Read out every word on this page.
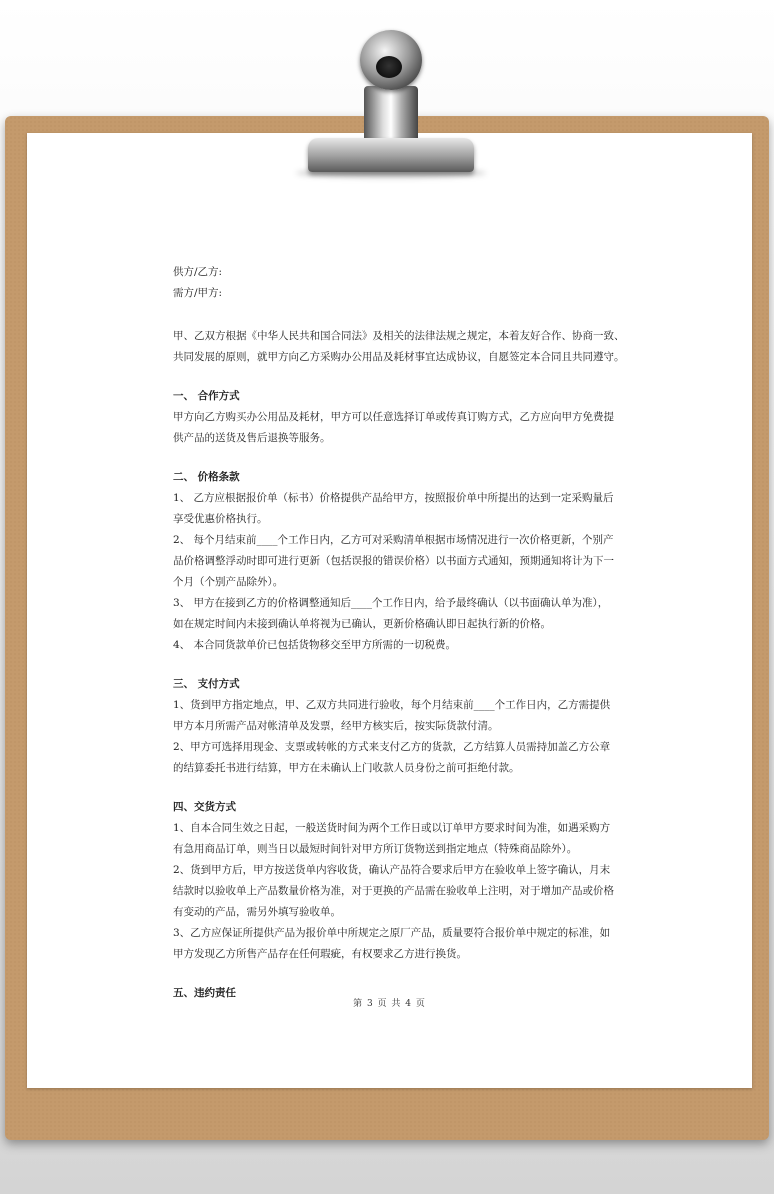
供方/乙方:
需方/甲方:
甲、乙双方根据《中华人民共和国合同法》及相关的法律法规之规定，本着友好合作、协商一致、
共同发展的原则，就甲方向乙方采购办公用品及耗材事宜达成协议，自愿签定本合同且共同遵守。
一、 合作方式
甲方向乙方购买办公用品及耗材，甲方可以任意选择订单或传真订购方式，乙方应向甲方免费提
供产品的送货及售后退换等服务。
二、 价格条款
1、 乙方应根据报价单（标书）价格提供产品给甲方，按照报价单中所提出的达到一定采购量后
享受优惠价格执行。
2、 每个月结束前____个工作日内，乙方可对采购清单根据市场情况进行一次价格更新，个别产
品价格调整浮动时即可进行更新（包括误报的错误价格）以书面方式通知，预期通知将计为下一
个月（个别产品除外）。
3、 甲方在接到乙方的价格调整通知后____个工作日内，给予最终确认（以书面确认单为准），
如在规定时间内未接到确认单将视为已确认，更新价格确认即日起执行新的价格。
4、 本合同货款单价已包括货物移交至甲方所需的一切税费。
三、 支付方式
1、货到甲方指定地点，甲、乙双方共同进行验收，每个月结束前____个工作日内，乙方需提供
甲方本月所需产品对帐清单及发票，经甲方核实后，按实际货款付清。
2、甲方可选择用现金、支票或转帐的方式来支付乙方的货款，乙方结算人员需持加盖乙方公章
的结算委托书进行结算，甲方在未确认上门收款人员身份之前可拒绝付款。
四、交货方式
1、自本合同生效之日起，一般送货时间为两个工作日或以订单甲方要求时间为准，如遇采购方
有急用商品订单，则当日以最短时间针对甲方所订货物送到指定地点（特殊商品除外）。
2、货到甲方后，甲方按送货单内容收货，确认产品符合要求后甲方在验收单上签字确认，月末
结款时以验收单上产品数量价格为准，对于更换的产品需在验收单上注明，对于增加产品或价格
有变动的产品，需另外填写验收单。
3、乙方应保证所提供产品为报价单中所规定之原厂产品，质量要符合报价单中规定的标准，如
甲方发现乙方所售产品存在任何瑕疵，有权要求乙方进行换货。
五、违约责任
第 3 页 共 4 页
